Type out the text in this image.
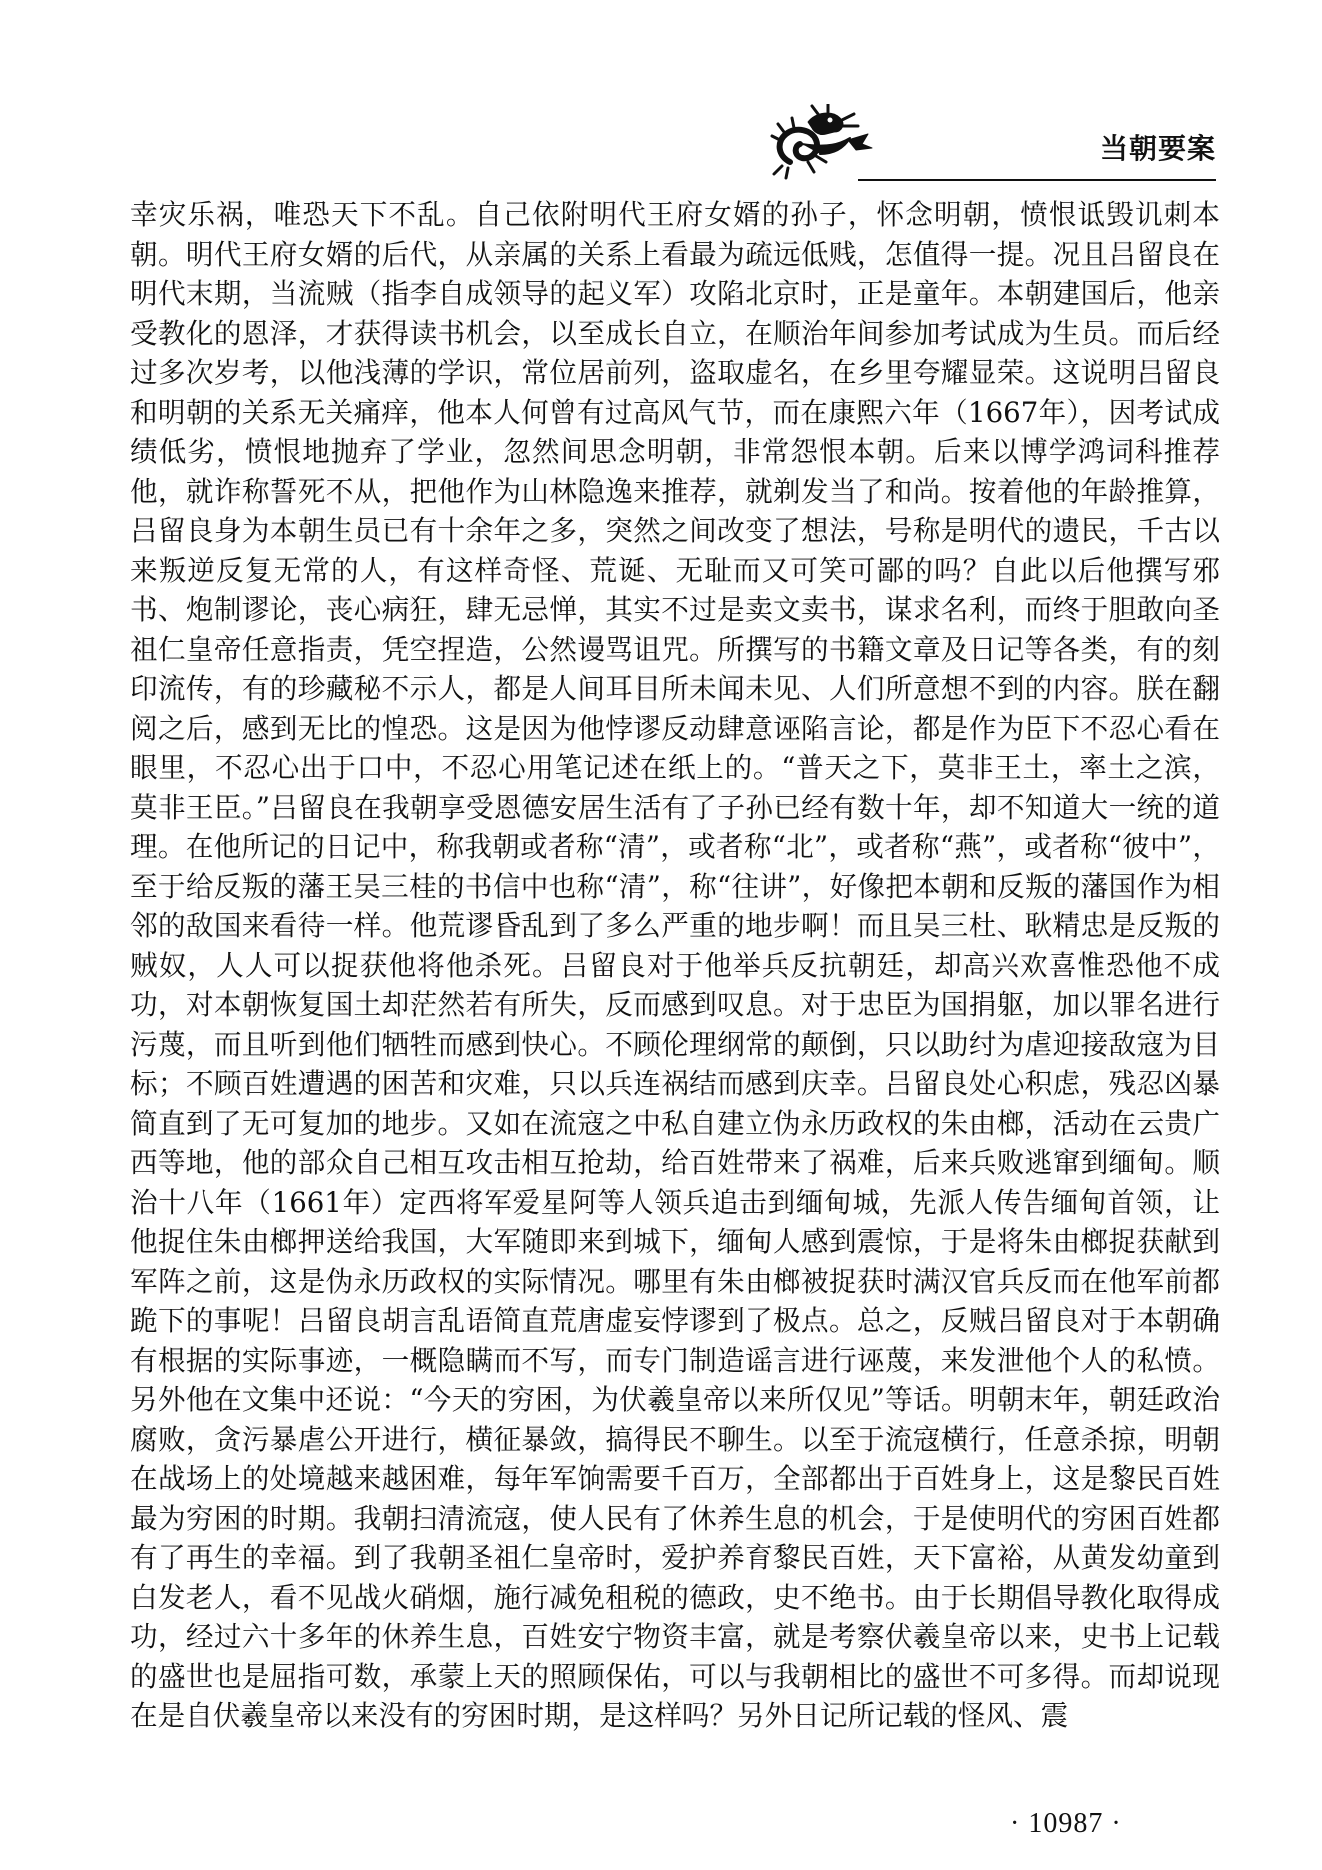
当朝要案

幸灾乐祸，唯恐天下不乱。自己依附明代王府女婿的孙子，怀念明朝，愤恨诋毁讥刺本朝。明代王府女婿的后代，从亲属的关系上看最为疏远低贱，怎值得一提。况且吕留良在明代末期，当流贼（指李自成领导的起义军）攻陷北京时，正是童年。本朝建国后，他亲受教化的恩泽，才获得读书机会，以至成长自立，在顺治年间参加考试成为生员。而后经过多次岁考，以他浅薄的学识，常位居前列，盗取虚名，在乡里夸耀显荣。这说明吕留良和明朝的关系无关痛痒，他本人何曾有过高风气节，而在康熙六年（1667年），因考试成绩低劣，愤恨地抛弃了学业，忽然间思念明朝，非常怨恨本朝。后来以博学鸿词科推荐他，就诈称誓死不从，把他作为山林隐逸来推荐，就剃发当了和尚。按着他的年龄推算，吕留良身为本朝生员已有十余年之多，突然之间改变了想法，号称是明代的遗民，千古以来叛逆反复无常的人，有这样奇怪、荒诞、无耻而又可笑可鄙的吗？自此以后他撰写邪书、炮制谬论，丧心病狂，肆无忌惮，其实不过是卖文卖书，谋求名利，而终于胆敢向圣祖仁皇帝任意指责，凭空捏造，公然谩骂诅咒。所撰写的书籍文章及日记等各类，有的刻印流传，有的珍藏秘不示人，都是人间耳目所未闻未见、人们所意想不到的内容。朕在翻阅之后，感到无比的惶恐。这是因为他悖谬反动肆意诬陷言论，都是作为臣下不忍心看在眼里，不忍心出于口中，不忍心用笔记述在纸上的。“普天之下，莫非王土，率土之滨，莫非王臣。”吕留良在我朝享受恩德安居生活有了子孙已经有数十年，却不知道大一统的道理。在他所记的日记中，称我朝或者称“清”，或者称“北”，或者称“燕”，或者称“彼中”，至于给反叛的藩王吴三桂的书信中也称“清”，称“往讲”，好像把本朝和反叛的藩国作为相邻的敌国来看待一样。他荒谬昏乱到了多么严重的地步啊！而且吴三杜、耿精忠是反叛的贼奴，人人可以捉获他将他杀死。吕留良对于他举兵反抗朝廷，却高兴欢喜惟恐他不成功，对本朝恢复国土却茫然若有所失，反而感到叹息。对于忠臣为国捐躯，加以罪名进行污蔑，而且听到他们牺牲而感到快心。不顾伦理纲常的颠倒，只以助纣为虐迎接敌寇为目标；不顾百姓遭遇的困苦和灾难，只以兵连祸结而感到庆幸。吕留良处心积虑，残忍凶暴简直到了无可复加的地步。又如在流寇之中私自建立伪永历政权的朱由榔，活动在云贵广西等地，他的部众自己相互攻击相互抢劫，给百姓带来了祸难，后来兵败逃窜到缅甸。顺治十八年（1661年）定西将军爱星阿等人领兵追击到缅甸城，先派人传告缅甸首领，让他捉住朱由榔押送给我国，大军随即来到城下，缅甸人感到震惊，于是将朱由榔捉获献到军阵之前，这是伪永历政权的实际情况。哪里有朱由榔被捉获时满汉官兵反而在他军前都跪下的事呢！吕留良胡言乱语简直荒唐虚妄悖谬到了极点。总之，反贼吕留良对于本朝确有根据的实际事迹，一概隐瞒而不写，而专门制造谣言进行诬蔑，来发泄他个人的私愤。另外他在文集中还说：“今天的穷困，为伏羲皇帝以来所仅见”等话。明朝末年，朝廷政治腐败，贪污暴虐公开进行，横征暴敛，搞得民不聊生。以至于流寇横行，任意杀掠，明朝在战场上的处境越来越困难，每年军饷需要千百万，全部都出于百姓身上，这是黎民百姓最为穷困的时期。我朝扫清流寇，使人民有了休养生息的机会，于是使明代的穷困百姓都有了再生的幸福。到了我朝圣祖仁皇帝时，爱护养育黎民百姓，天下富裕，从黄发幼童到白发老人，看不见战火硝烟，施行减免租税的德政，史不绝书。由于长期倡导教化取得成功，经过六十多年的休养生息，百姓安宁物资丰富，就是考察伏羲皇帝以来，史书上记载的盛世也是屈指可数，承蒙上天的照顾保佑，可以与我朝相比的盛世不可多得。而却说现在是自伏羲皇帝以来没有的穷困时期，是这样吗？另外日记所记载的怪风、震

· 10987 ·
